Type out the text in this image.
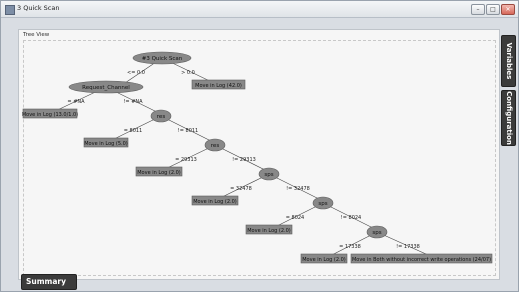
3 Quick Scan	–	□	✕
Tree View
#3 Quick Scan
Request_Channel
res
res
sps
sps
sps
Move in Log (42.0)
Move in Log (13.0/1.0)
Move in Log (5.0)
Move in Log (2.0)
Move in Log (2.0)
Move in Log (2.0)
Move in Log (2.0) Move in Both without incorrect write operations (24/07)
<= 0.0	> 0.0
= #NA	!= #NA
= 8011	!= 8011
= 29313	!= 29313
= 32478	!= 32478
= 8024	!= 8024
= 17338	!= 17338
Variables
Configuration
Summary
